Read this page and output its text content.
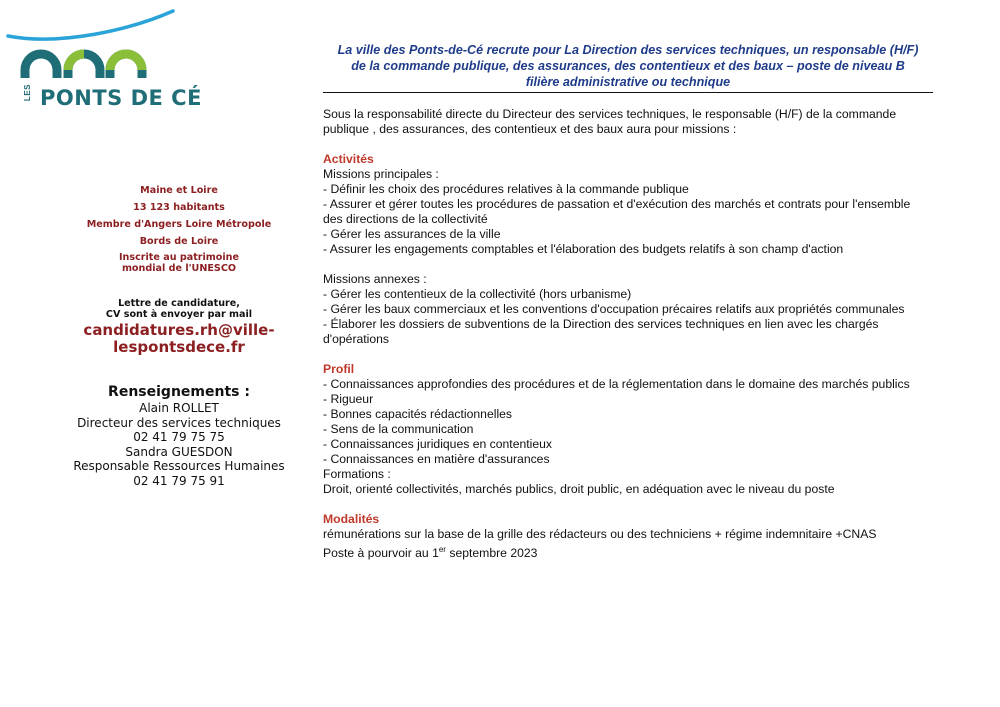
LES PONTS DE CÉ
Maine et Loire
13 123 habitants
Membre d'Angers Loire Métropole
Bords de Loire
Inscrite au patrimoine
mondial de l'UNESCO
Lettre de candidature,
CV sont à envoyer par mail
candidatures.rh@ville-
lespontsdece.fr
Renseignements :
Alain ROLLET
Directeur des services techniques
02 41 79 75 75
Sandra GUESDON
Responsable Ressources Humaines
02 41 79 75 91
La ville des Ponts-de-Cé recrute pour La Direction des services techniques, un responsable (H/F) de la commande publique, des assurances, des contentieux et des baux – poste de niveau B filière administrative ou technique
Sous la responsabilité directe du Directeur des services techniques, le responsable (H/F) de la commande publique , des assurances, des contentieux et des baux aura pour missions :
Activités
Missions principales :
- Définir les choix des procédures relatives à la commande publique
- Assurer et gérer toutes les procédures de passation et d'exécution des marchés et contrats pour l'ensemble des directions de la collectivité
- Gérer les assurances de la ville
- Assurer les engagements comptables et l'élaboration des budgets relatifs à son champ d'action
Missions annexes :
- Gérer les contentieux de la collectivité (hors urbanisme)
- Gérer les baux commerciaux et les conventions d'occupation précaires relatifs aux propriétés communales
- Élaborer les dossiers de subventions de la Direction des services techniques en lien avec les chargés d'opérations
Profil
- Connaissances approfondies des procédures et de la réglementation dans le domaine des marchés publics
- Rigueur
- Bonnes capacités rédactionnelles
- Sens de la communication
- Connaissances juridiques en contentieux
- Connaissances en matière d'assurances
Formations :
Droit, orienté collectivités, marchés publics, droit public, en adéquation avec le niveau du poste
Modalités
rémunérations sur la base de la grille des rédacteurs ou des techniciens + régime indemnitaire +CNAS
Poste à pourvoir au 1er septembre 2023
